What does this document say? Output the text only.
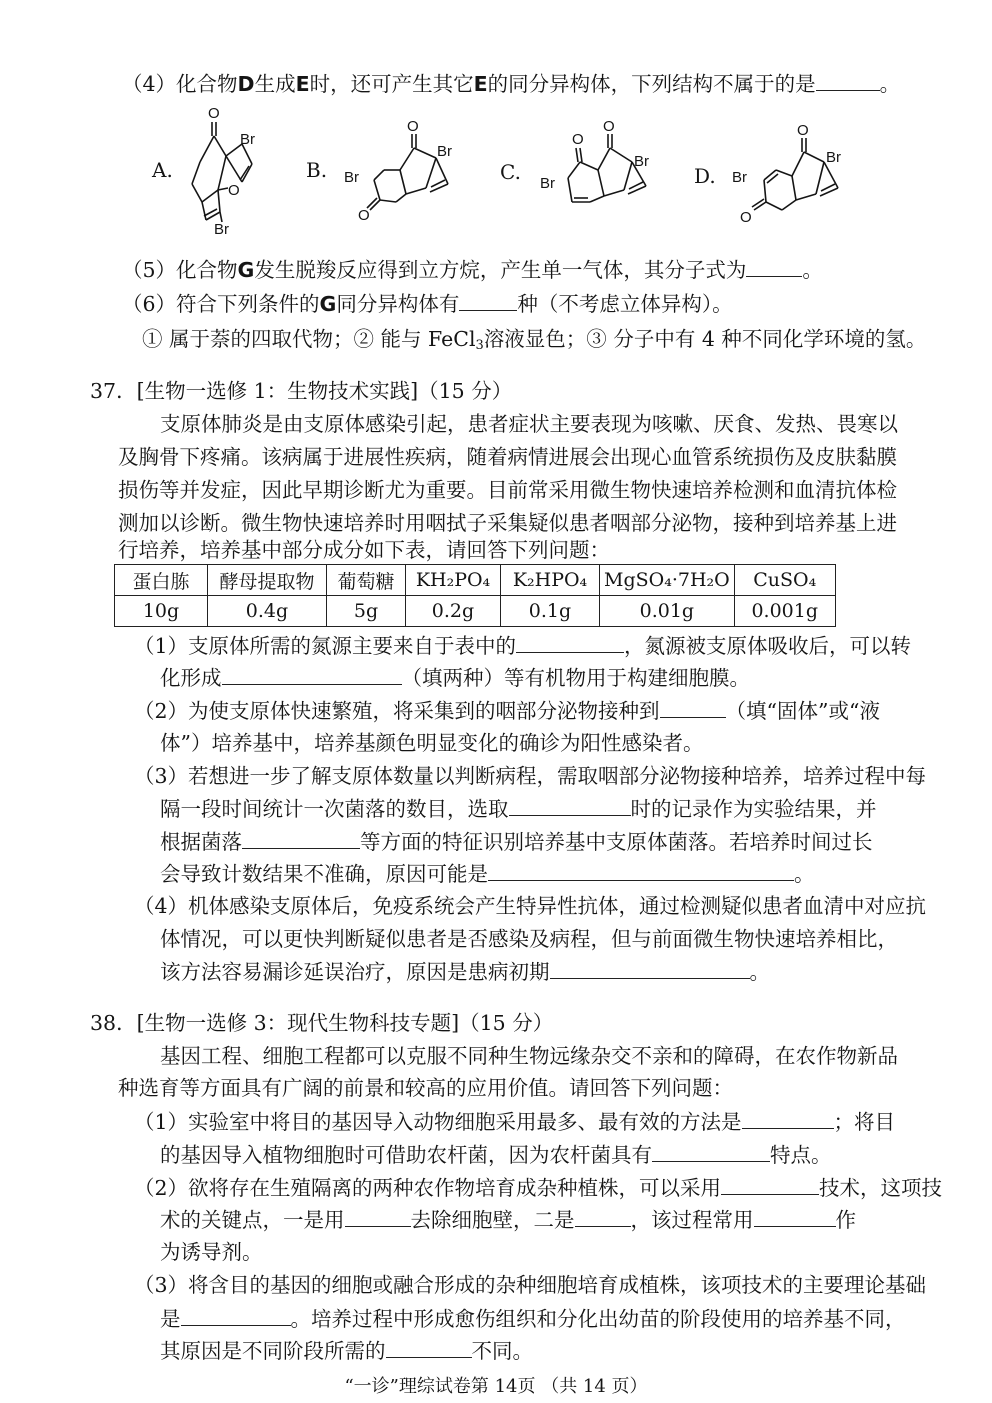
（4）化合物D生成E时，还可产生其它E的同分异构体，下列结构不属于的是	。
A.	B.	C.	D.
O
Br
O
Br
O
Br
Br
O
O
O
Br
Br
O
Br
Br
O
（5）化合物G发生脱羧反应得到立方烷，产生单一气体，其分子式为	。
（6）符合下列条件的G同分异构体有	种（不考虑立体异构）。
① 属于萘的四取代物；② 能与 FeCl$_3$溶液显色；③ 分子中有 4 种不同化学环境的氢。
37．[生物一选修 1：生物技术实践]（15 分）
支原体肺炎是由支原体感染引起，患者症状主要表现为咳嗽、厌食、发热、畏寒以
及胸骨下疼痛。该病属于进展性疾病，随着病情进展会出现心血管系统损伤及皮肤黏膜
损伤等并发症，因此早期诊断尤为重要。目前常采用微生物快速培养检测和血清抗体检
测加以诊断。微生物快速培养时用咽拭子采集疑似患者咽部分泌物，接种到培养基上进
行培养，培养基中部分成分如下表，请回答下列问题：
蛋白胨	酵母提取物	葡萄糖	KH₂PO₄	K₂HPO₄	MgSO₄·7H₂O	CuSO₄
10g	0.4g	5g	0.2g	0.1g	0.01g	0.001g
（1）支原体所需的氮源主要来自于表中的	，氮源被支原体吸收后，可以转
化形成	（填两种）等有机物用于构建细胞膜。
（2）为使支原体快速繁殖，将采集到的咽部分泌物接种到	（填“固体”或“液
体”）培养基中，培养基颜色明显变化的确诊为阳性感染者。
（3）若想进一步了解支原体数量以判断病程，需取咽部分泌物接种培养，培养过程中每
隔一段时间统计一次菌落的数目，选取	时的记录作为实验结果，并
根据菌落	等方面的特征识别培养基中支原体菌落。若培养时间过长
会导致计数结果不准确，原因可能是	。
（4）机体感染支原体后，免疫系统会产生特异性抗体，通过检测疑似患者血清中对应抗
体情况，可以更快判断疑似患者是否感染及病程，但与前面微生物快速培养相比，
该方法容易漏诊延误治疗，原因是患病初期	。
38．[生物一选修 3：现代生物科技专题]（15 分）
基因工程、细胞工程都可以克服不同种生物远缘杂交不亲和的障碍，在农作物新品
种选育等方面具有广阔的前景和较高的应用价值。请回答下列问题：
（1）实验室中将目的基因导入动物细胞采用最多、最有效的方法是	；将目
的基因导入植物细胞时可借助农杆菌，因为农杆菌具有	特点。
（2）欲将存在生殖隔离的两种农作物培育成杂种植株，可以采用	技术，这项技
术的关键点，一是用	去除细胞壁，二是	，该过程常用	作
为诱导剂。
（3）将含目的基因的细胞或融合形成的杂种细胞培育成植株，该项技术的主要理论基础
是	。培养过程中形成愈伤组织和分化出幼苗的阶段使用的培养基不同，
其原因是不同阶段所需的	不同。
“一诊”理综试卷第 14页 （共 14 页）
